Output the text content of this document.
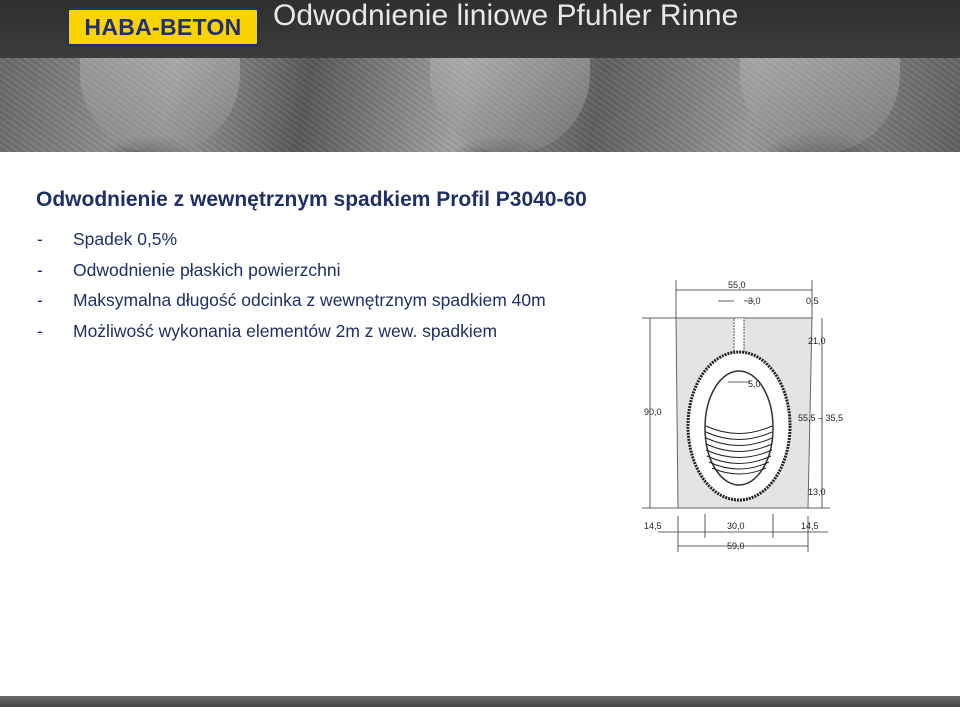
HABA-BETON Odwodnienie liniowe Pfuhler Rinne
Odwodnienie z wewnętrznym spadkiem Profil P3040-60
- Spadek 0,5%
- Odwodnienie płaskich powierzchni
- Maksymalna długość odcinka z wewnętrznym spadkiem 40m
- Możliwość wykonania elementów 2m z wew. spadkiem
55,0
3,0	0,5
21,0
5,0
90,0
55,5 – 35,5
13,0
14,5	30,0	14,5
59,0
